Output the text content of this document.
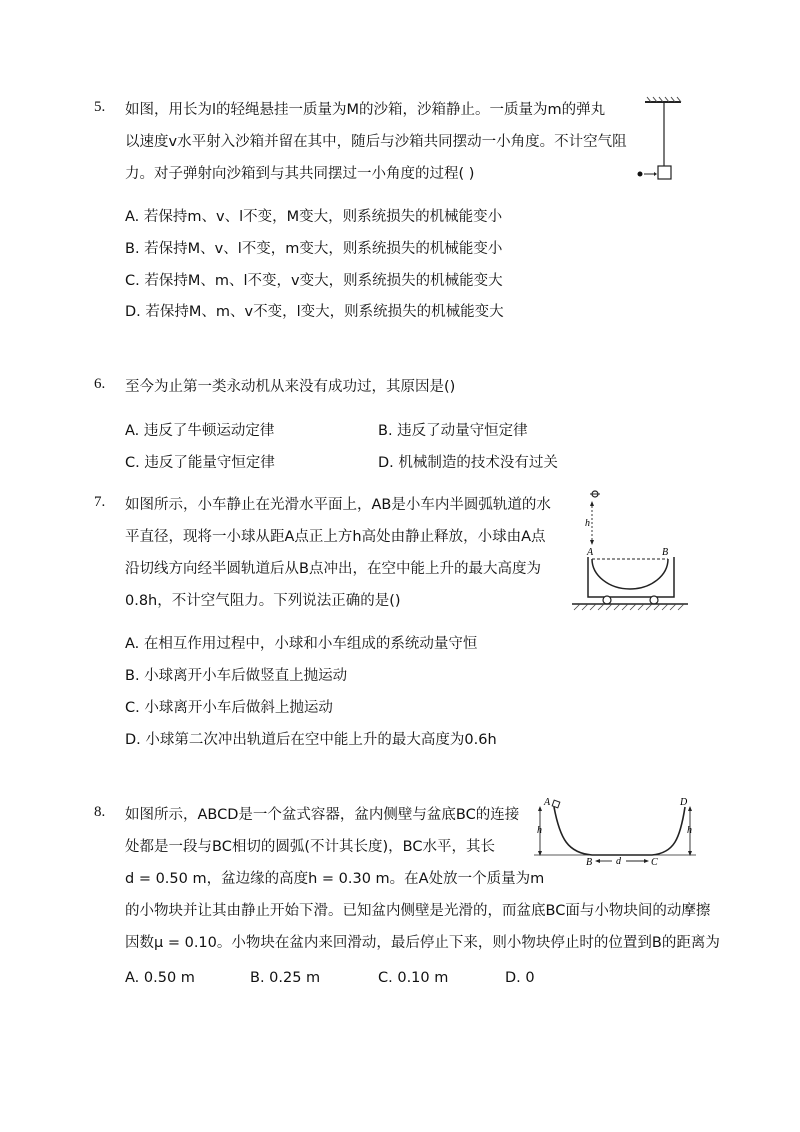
5. 如图，用长为l的轻绳悬挂一质量为M的沙箱，沙箱静止。一质量为m的弹丸
以速度v水平射入沙箱并留在其中，随后与沙箱共同摆动一小角度。不计空气阻
力。对子弹射向沙箱到与其共同摆过一小角度的过程( )
A. 若保持m、v、l不变，M变大，则系统损失的机械能变小
B. 若保持M、v、l不变，m变大，则系统损失的机械能变小
C. 若保持M、m、l不变，v变大，则系统损失的机械能变大
D. 若保持M、m、v不变，l变大，则系统损失的机械能变大
6. 至今为止第一类永动机从来没有成功过，其原因是()
A. 违反了牛顿运动定律	B. 违反了动量守恒定律
C. 违反了能量守恒定律	D. 机械制造的技术没有过关
7. 如图所示，小车静止在光滑水平面上，AB是小车内半圆弧轨道的水
平直径，现将一小球从距A点正上方h高处由静止释放，小球由A点
沿切线方向经半圆轨道后从B点冲出，在空中能上升的最大高度为
0.8h，不计空气阻力。下列说法正确的是()
h
A	B
A. 在相互作用过程中，小球和小车组成的系统动量守恒
B. 小球离开小车后做竖直上抛运动
C. 小球离开小车后做斜上抛运动
D. 小球第二次冲出轨道后在空中能上升的最大高度为0.6h
8. 如图所示，ABCD是一个盆式容器，盆内侧壁与盆底BC的连接
处都是一段与BC相切的圆弧(不计其长度)，BC水平，其长
d = 0.50 m，盆边缘的高度h = 0.30 m。在A处放一个质量为m
的小物块并让其由静止开始下滑。已知盆内侧壁是光滑的，而盆底BC面与小物块间的动摩擦
因数μ = 0.10。小物块在盆内来回滑动，最后停止下来，则小物块停止时的位置到B的距离为
A	D
h	h
B	C
d
A. 0.50 m	B. 0.25 m	C. 0.10 m	D. 0
